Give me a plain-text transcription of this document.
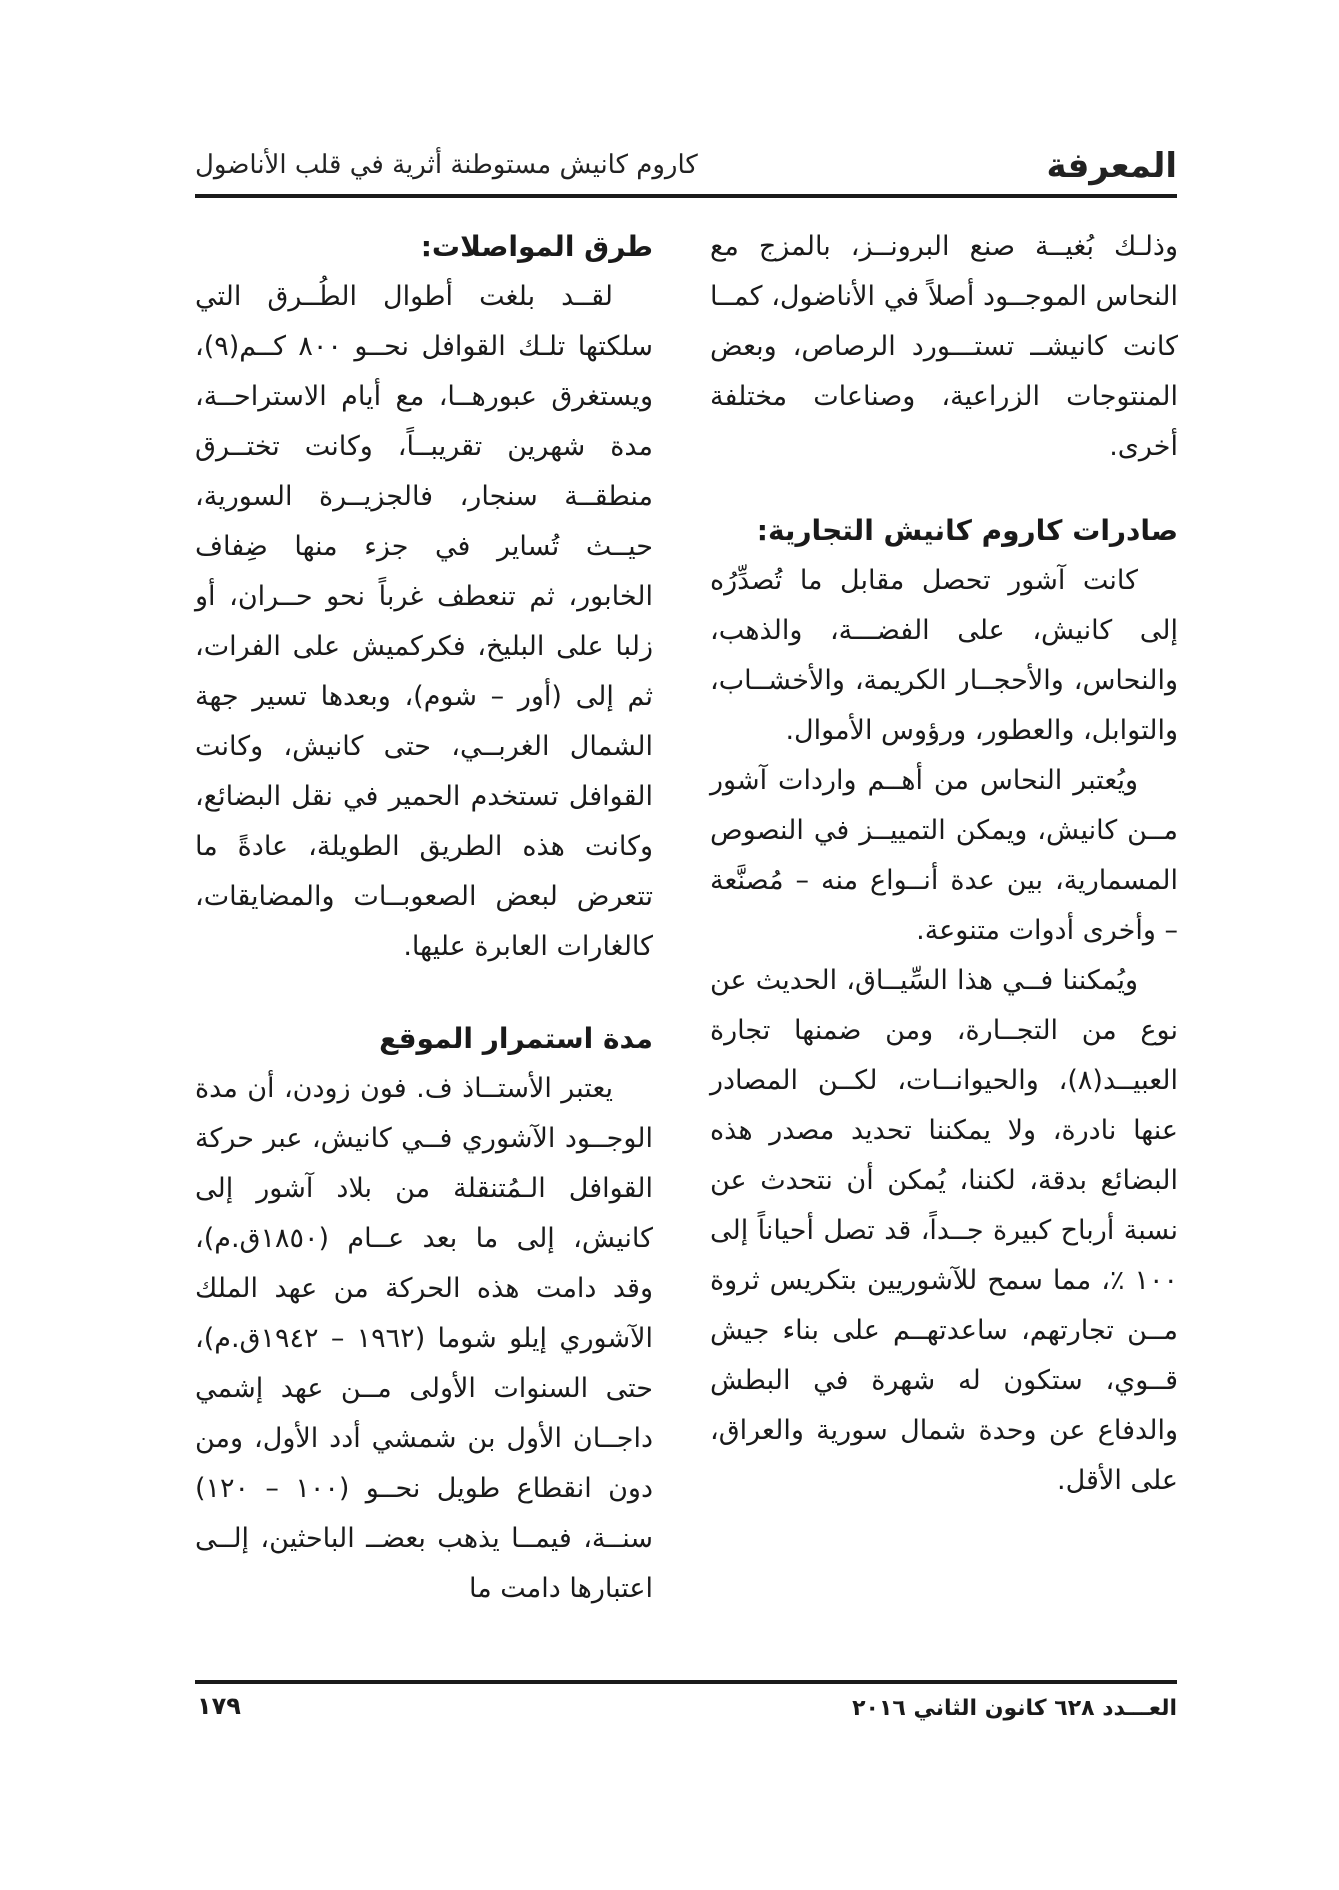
كاروم كانيش مستوطنة أثرية في قلب الأناضول	المعرفة

وذلـك بُغيــة صنع البرونــز، بالمزج مع النحاس الموجــود أصلاً في الأناضول، كمــا كانت كانيشــ تستـــورد الرصاص، وبعض المنتوجات الزراعية، وصناعات مختلفة أخرى.

صادرات كاروم كانيش التجارية:

كانت آشور تحصل مقابل ما تُصدِّرُه إلى كانيش، على الفضـــة، والذهب، والنحاس، والأحجــار الكريمة، والأخشــاب، والتوابل، والعطور، ورؤوس الأموال.

ويُعتبر النحاس من أهــم واردات آشور مــن كانيش، ويمكن التمييــز في النصوص المسمارية، بين عدة أنــواع منه – مُصنَّعة – وأخرى أدوات متنوعة.

ويُمكننا فــي هذا السِّيــاق، الحديث عن نوع من التجــارة، ومن ضمنها تجارة العبيــد(٨)، والحيوانــات، لكــن المصادر عنها نادرة، ولا يمكننا تحديد مصدر هذه البضائع بدقة، لكننا، يُمكن أن نتحدث عن نسبة أرباح كبيرة جــداً، قد تصل أحياناً إلى ١٠٠ ٪، مما سمح للآشوريين بتكريس ثروة مــن تجارتهم، ساعدتهــم على بناء جيش قــوي، ستكون له شهرة في البطش والدفاع عن وحدة شمال سورية والعراق، على الأقل.

طرق المواصلات:

لقــد بلغت أطوال الطُــرق التي سلكتها تلـك القوافل نحــو ٨٠٠ كــم(٩)، ويستغرق عبورهــا، مع أيام الاستراحــة، مدة شهرين تقريبــاً، وكانت تختــرق منطقــة سنجار، فالجزيــرة السورية، حيــث تُساير في جزء منها ضِفاف الخابور، ثم تنعطف غرباً نحو حــران، أو زلبا على البليخ، فكركميش على الفرات، ثم إلى (أور – شوم)، وبعدها تسير جهة الشمال الغربــي، حتى كانيش، وكانت القوافل تستخدم الحمير في نقل البضائع، وكانت هذه الطريق الطويلة، عادةً ما تتعرض لبعض الصعوبــات والمضايقات، كالغارات العابرة عليها.

مدة استمرار الموقع

يعتبر الأستــاذ ف. فون زودن، أن مدة الوجــود الآشوري فــي كانيش، عبر حركة القوافل الـمُتنقلة من بلاد آشور إلى كانيش، إلى ما بعد عــام (١٨٥٠ق.م)، وقد دامت هذه الحركة من عهد الملك الآشوري إيلو شوما (١٩٦٢ – ١٩٤٢ق.م)، حتى السنوات الأولى مــن عهد إشمي داجــان الأول بن شمشي أدد الأول، ومن دون انقطاع طويل نحــو (١٠٠ – ١٢٠) سنــة، فيمــا يذهب بعضــ الباحثين، إلــى اعتبارها دامت ما

العـــدد ٦٢٨ كانون الثاني ٢٠١٦
١٧٩
